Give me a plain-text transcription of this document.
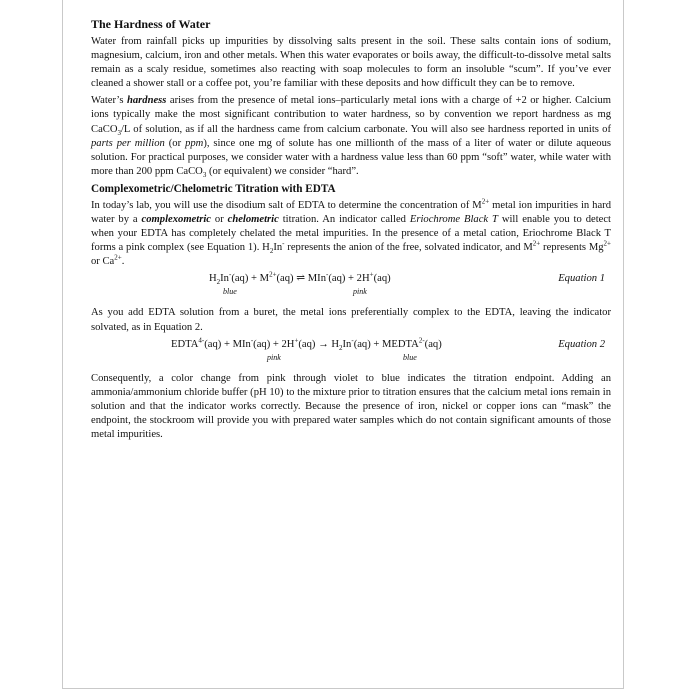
The Hardness of Water

Water from rainfall picks up impurities by dissolving salts present in the soil. These salts contain ions of sodium, magnesium, calcium, iron and other metals. When this water evaporates or boils away, the difficult-to-dissolve metal salts remain as a scaly residue, sometimes also reacting with soap molecules to form an insoluble “scum”. If you’ve ever cleaned a shower stall or a coffee pot, you’re familiar with these deposits and how difficult they can be to remove.

Water’s hardness arises from the presence of metal ions–particularly metal ions with a charge of +2 or higher. Calcium ions typically make the most significant contribution to water hardness, so by convention we report hardness as mg CaCO$_3$/L of solution, as if all the hardness came from calcium carbonate. You will also see hardness reported in units of parts per million (or ppm), since one mg of solute has one millionth of the mass of a liter of water or dilute aqueous solution. For practical purposes, we consider water with a hardness value less than 60 ppm “soft” water, while water with more than 200 ppm CaCO$_3$ (or equivalent) we consider “hard”.

Complexometric/Chelometric Titration with EDTA

In today’s lab, you will use the disodium salt of EDTA to determine the concentration of $M^{2+}$ metal ion impurities in hard water by a complexometric or chelometric titration. An indicator called Eriochrome Black T will enable you to detect when your EDTA has completely chelated the metal impurities. In the presence of a metal cation, Eriochrome Black T forms a pink complex (see Equation 1). $H_2In^-$ represents the anion of the free, solvated indicator, and $M^{2+}$ represents $Mg^{2+}$ or $Ca^{2+}$.

$H_2In^-(aq) + M^{2+}(aq)$ ⇌ MIn-(aq) + 2H+(aq)
blue	pink
Equation 1

As you add EDTA solution from a buret, the metal ions preferentially complex to the EDTA, leaving the indicator solvated, as in Equation 2.

$EDTA^{4-}(aq) + MIn^-(aq) + 2H^+(aq) \to H_2In^-(aq)$ + $MEDTA^{2-}(aq)$
pink	blue
Equation 2

Consequently, a color change from pink through violet to blue indicates the titration endpoint. Adding an ammonia/ammonium chloride buffer (pH 10) to the mixture prior to titration ensures that the calcium metal ions remain in solution and that the indicator works correctly. Because the presence of iron, nickel or copper ions can “mask” the endpoint, the stockroom will provide you with prepared water samples which do not contain significant amounts of those metal impurities.
